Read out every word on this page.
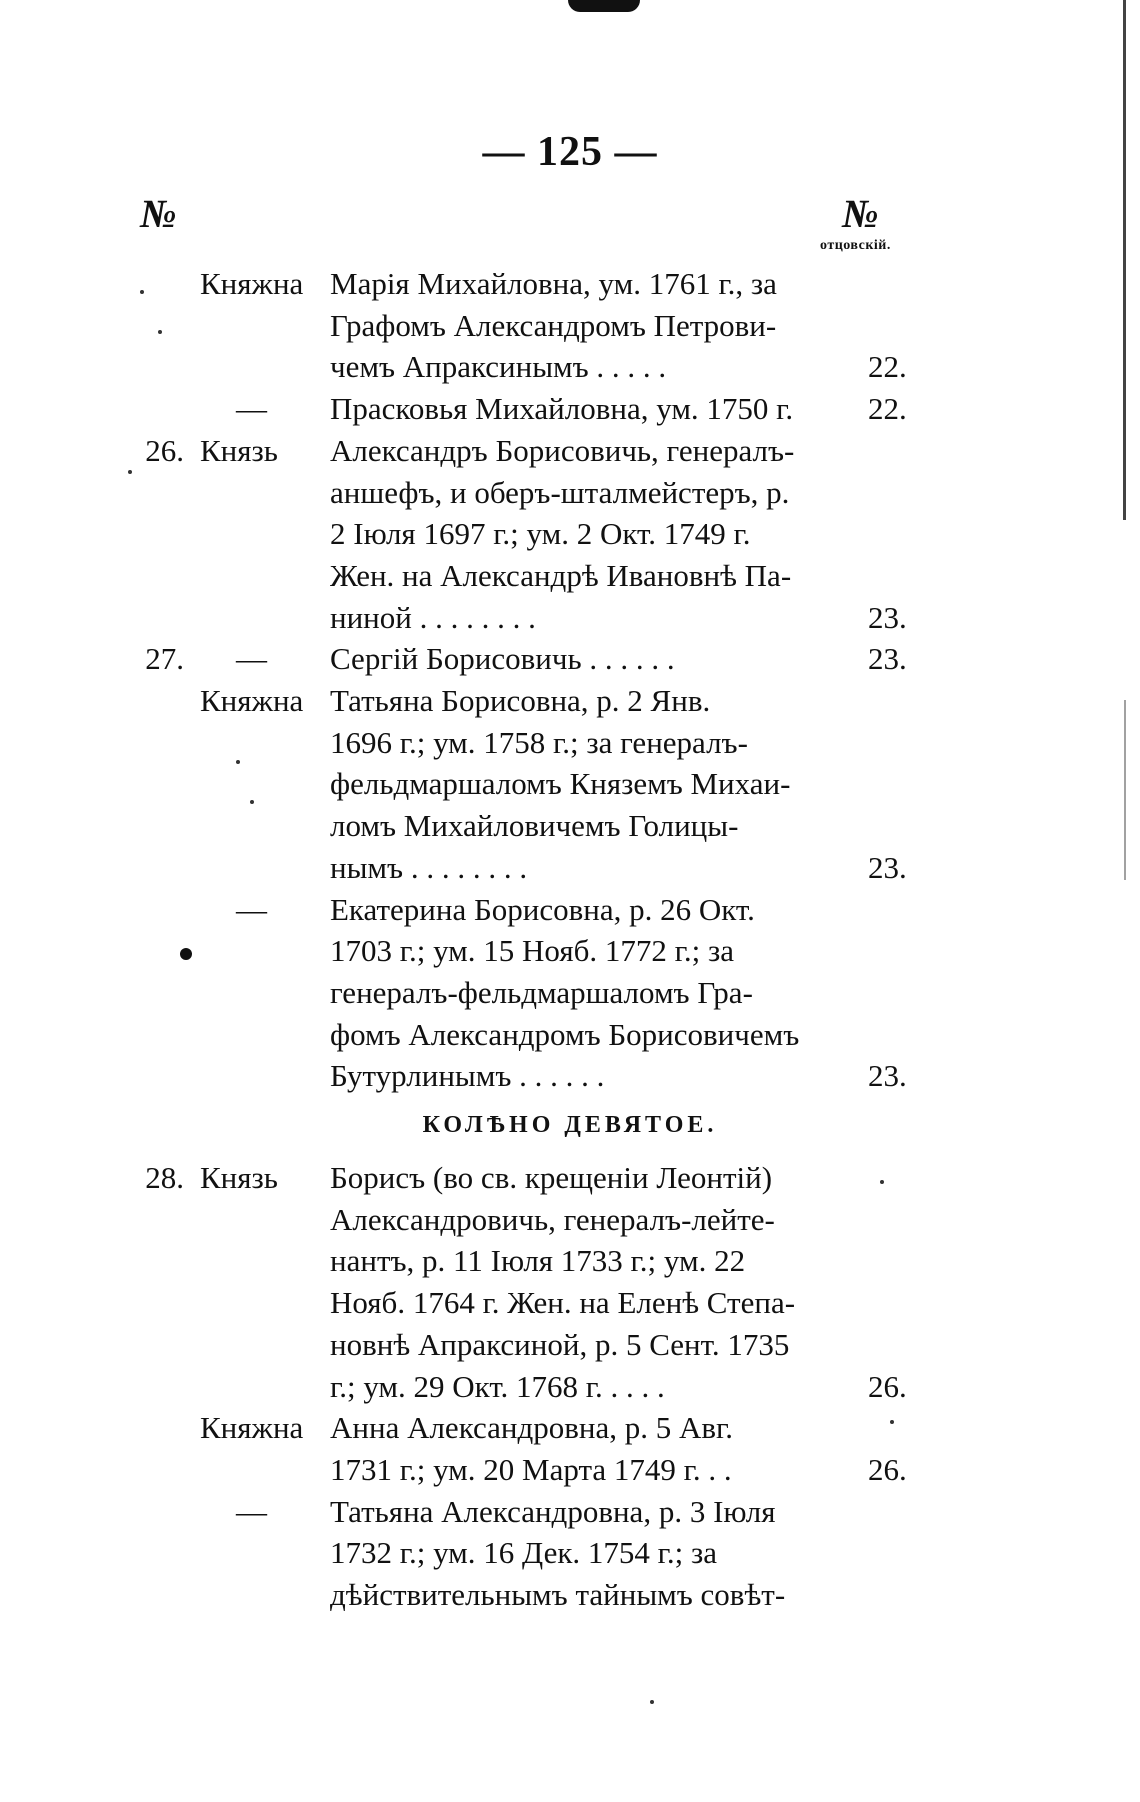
— 125 —
№	№
отцовскій.
КОЛѢНО ДЕВЯТОЕ.
Княжна Марія Михайловна, ум. 1761 г., за
Графомъ Александромъ Петрови-
чемъ Апраксинымъ . . . . .	22.
—	Прасковья Михайловна, ум. 1750 г. 22.
26. Князь Александръ Борисовичь, генералъ-
аншефъ, и оберъ-шталмейстеръ, р.
2 Іюля 1697 г.; ум. 2 Окт. 1749 г.
Жен. на Александрѣ Ивановнѣ Па-
ниной . . . . . . . .	23.
27. —	Сергій Борисовичь . . . . . .	23.
Княжна Татьяна Борисовна, р. 2 Янв.
1696 г.; ум. 1758 г.; за генералъ-
фельдмаршаломъ Княземъ Михаи-
ломъ Михайловичемъ Голицы-
нымъ . . . . . . . .	23.
—	Екатерина Борисовна, р. 26 Окт.
1703 г.; ум. 15 Нояб. 1772 г.; за
генералъ-фельдмаршаломъ Гра-
фомъ Александромъ Борисовичемъ
Бутурлинымъ . . . . . .	23.
28. Князь Борисъ (во св. крещеніи Леонтій)
Александровичь, генералъ-лейте-
нантъ, р. 11 Іюля 1733 г.; ум. 22
Нояб. 1764 г. Жен. на Еленѣ Степа-
новнѣ Апраксиной, р. 5 Сент. 1735
г.; ум. 29 Окт. 1768 г. . . . .	26.
Княжна Анна Александровна, р. 5 Авг.
1731 г.; ум. 20 Марта 1749 г. . .	26.
—	Татьяна Александровна, р. 3 Іюля
1732 г.; ум. 16 Дек. 1754 г.; за
дѣйствительнымъ тайнымъ совѣт-
